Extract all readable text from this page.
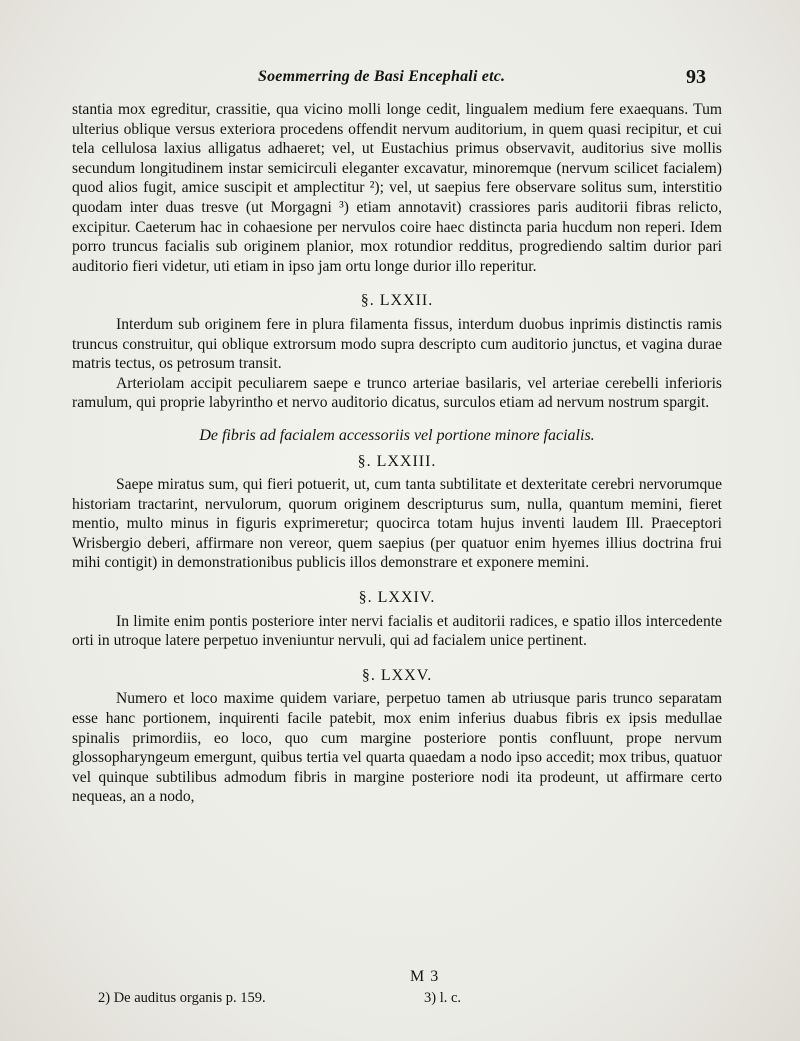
Soemmerring de Basi Encephali etc.	93

stantia mox egreditur, crassitie, qua vicino molli longe cedit, lingualem medium fere exaequans. Tum ulterius oblique versus exteriora procedens offendit nervum auditorium, in quem quasi recipitur, et cui tela cellulosa laxius alligatus adhaeret; vel, ut Eustachius primus observavit, auditorius sive mollis secundum longitudinem instar semicirculi eleganter excavatur, minoremque (nervum scilicet facialem) quod alios fugit, amice suscipit et amplectitur ²); vel, ut saepius fere observare solitus sum, interstitio quodam inter duas tresve (ut Morgagni ³) etiam annotavit) crassiores paris auditorii fibras relicto, excipitur. Caeterum hac in cohaesione per nervulos coire haec distincta paria hucdum non reperi. Idem porro truncus facialis sub originem planior, mox rotundior redditus, progrediendo saltim durior pari auditorio fieri videtur, uti etiam in ipso jam ortu longe durior illo reperitur.

§. LXXII.

Interdum sub originem fere in plura filamenta fissus, interdum duobus inprimis distinctis ramis truncus construitur, qui oblique extrorsum modo supra descripto cum auditorio junctus, et vagina durae matris tectus, os petrosum transit.

Arteriolam accipit peculiarem saepe e trunco arteriae basilaris, vel arteriae cerebelli inferioris ramulum, qui proprie labyrintho et nervo auditorio dicatus, surculos etiam ad nervum nostrum spargit.

De fibris ad facialem accessoriis vel portione minore facialis.
§. LXXIII.

Saepe miratus sum, qui fieri potuerit, ut, cum tanta subtilitate et dexteritate cerebri nervorumque historiam tractarint, nervulorum, quorum originem descripturus sum, nulla, quantum memini, fieret mentio, multo minus in figuris exprimeretur; quocirca totam hujus inventi laudem Ill. Praeceptori Wrisbergio deberi, affirmare non vereor, quem saepius (per quatuor enim hyemes illius doctrina frui mihi contigit) in demonstrationibus publicis illos demonstrare et exponere memini.

§. LXXIV.

In limite enim pontis posteriore inter nervi facialis et auditorii radices, e spatio illos intercedente orti in utroque latere perpetuo inveniuntur nervuli, qui ad facialem unice pertinent.

§. LXXV.

Numero et loco maxime quidem variare, perpetuo tamen ab utriusque paris trunco separatam esse hanc portionem, inquirenti facile patebit, mox enim inferius duabus fibris ex ipsis medullae spinalis primordiis, eo loco, quo cum margine posteriore pontis confluunt, prope nervum glossopharyngeum emergunt, quibus tertia vel quarta quaedam a nodo ipso accedit; mox tribus, quatuor vel quinque subtilibus admodum fibris in margine posteriore nodi ita prodeunt, ut affirmare certo nequeas, an a nodo,

M 3
2) De auditus organis p. 159.	3) l. c.
